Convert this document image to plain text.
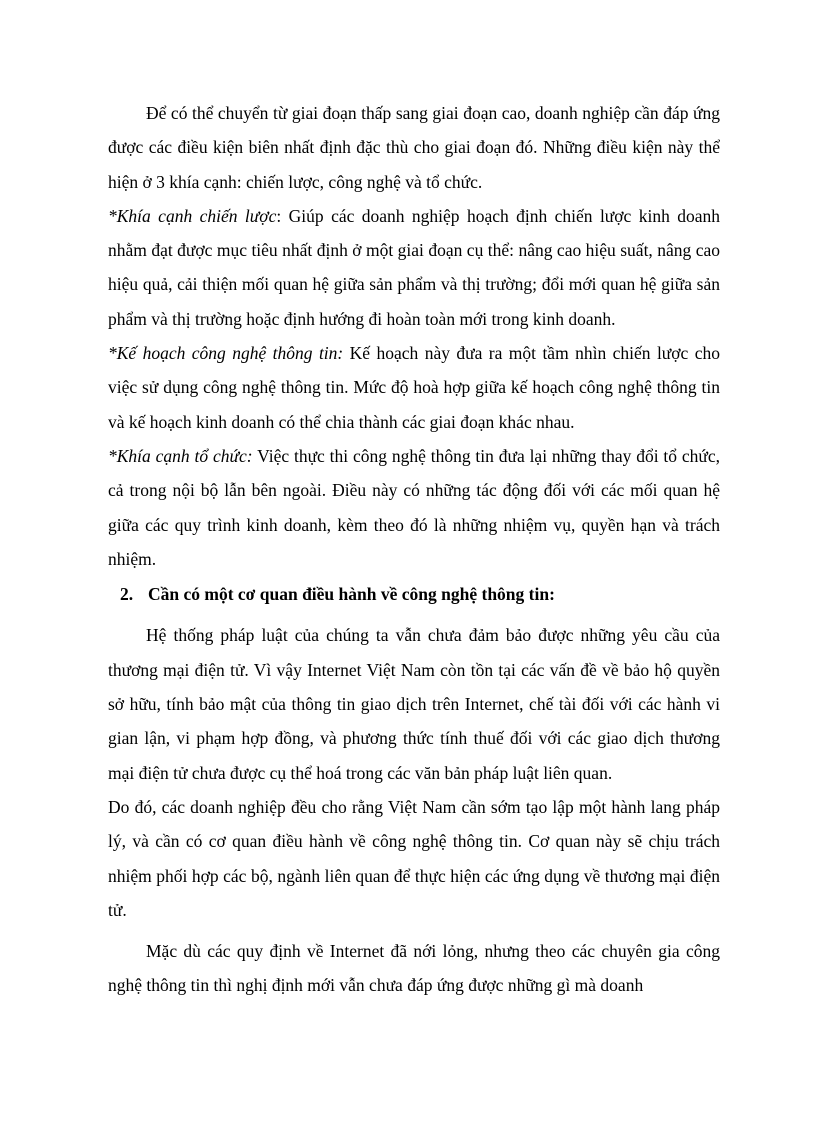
Để có thể chuyển từ giai đoạn thấp sang giai đoạn cao, doanh nghiệp cần đáp ứng được các điều kiện biên nhất định đặc thù cho giai đoạn đó. Những điều kiện này thể hiện ở 3 khía cạnh: chiến lược, công nghệ và tổ chức.

*Khía cạnh chiến lược: Giúp các doanh nghiệp hoạch định chiến lược kinh doanh nhằm đạt được mục tiêu nhất định ở một giai đoạn cụ thể: nâng cao hiệu suất, nâng cao hiệu quả, cải thiện mối quan hệ giữa sản phẩm và thị trường; đổi mới quan hệ giữa sản phẩm và thị trường hoặc định hướng đi hoàn toàn mới trong kinh doanh.

*Kế hoạch công nghệ thông tin: Kế hoạch này đưa ra một tầm nhìn chiến lược cho việc sử dụng công nghệ thông tin. Mức độ hoà hợp giữa kế hoạch công nghệ thông tin và kế hoạch kinh doanh có thể chia thành các giai đoạn khác nhau.

*Khía cạnh tổ chức: Việc thực thi công nghệ thông tin đưa lại những thay đổi tổ chức, cả trong nội bộ lẫn bên ngoài. Điều này có những tác động đối với các mối quan hệ giữa các quy trình kinh doanh, kèm theo đó là những nhiệm vụ, quyền hạn và trách nhiệm.

2. Cần có một cơ quan điều hành về công nghệ thông tin:

Hệ thống pháp luật của chúng ta vẫn chưa đảm bảo được những yêu cầu của thương mại điện tử. Vì vậy Internet Việt Nam còn tồn tại các vấn đề về bảo hộ quyền sở hữu, tính bảo mật của thông tin giao dịch trên Internet, chế tài đối với các hành vi gian lận, vi phạm hợp đồng, và phương thức tính thuế đối với các giao dịch thương mại điện tử chưa được cụ thể hoá trong các văn bản pháp luật liên quan.

Do đó, các doanh nghiệp đều cho rằng Việt Nam cần sớm tạo lập một hành lang pháp lý, và cần có cơ quan điều hành về công nghệ thông tin. Cơ quan này sẽ chịu trách nhiệm phối hợp các bộ, ngành liên quan để thực hiện các ứng dụng về thương mại điện tử.

Mặc dù các quy định về Internet đã nới lỏng, nhưng theo các chuyên gia công nghệ thông tin thì nghị định mới vẫn chưa đáp ứng được những gì mà doanh
